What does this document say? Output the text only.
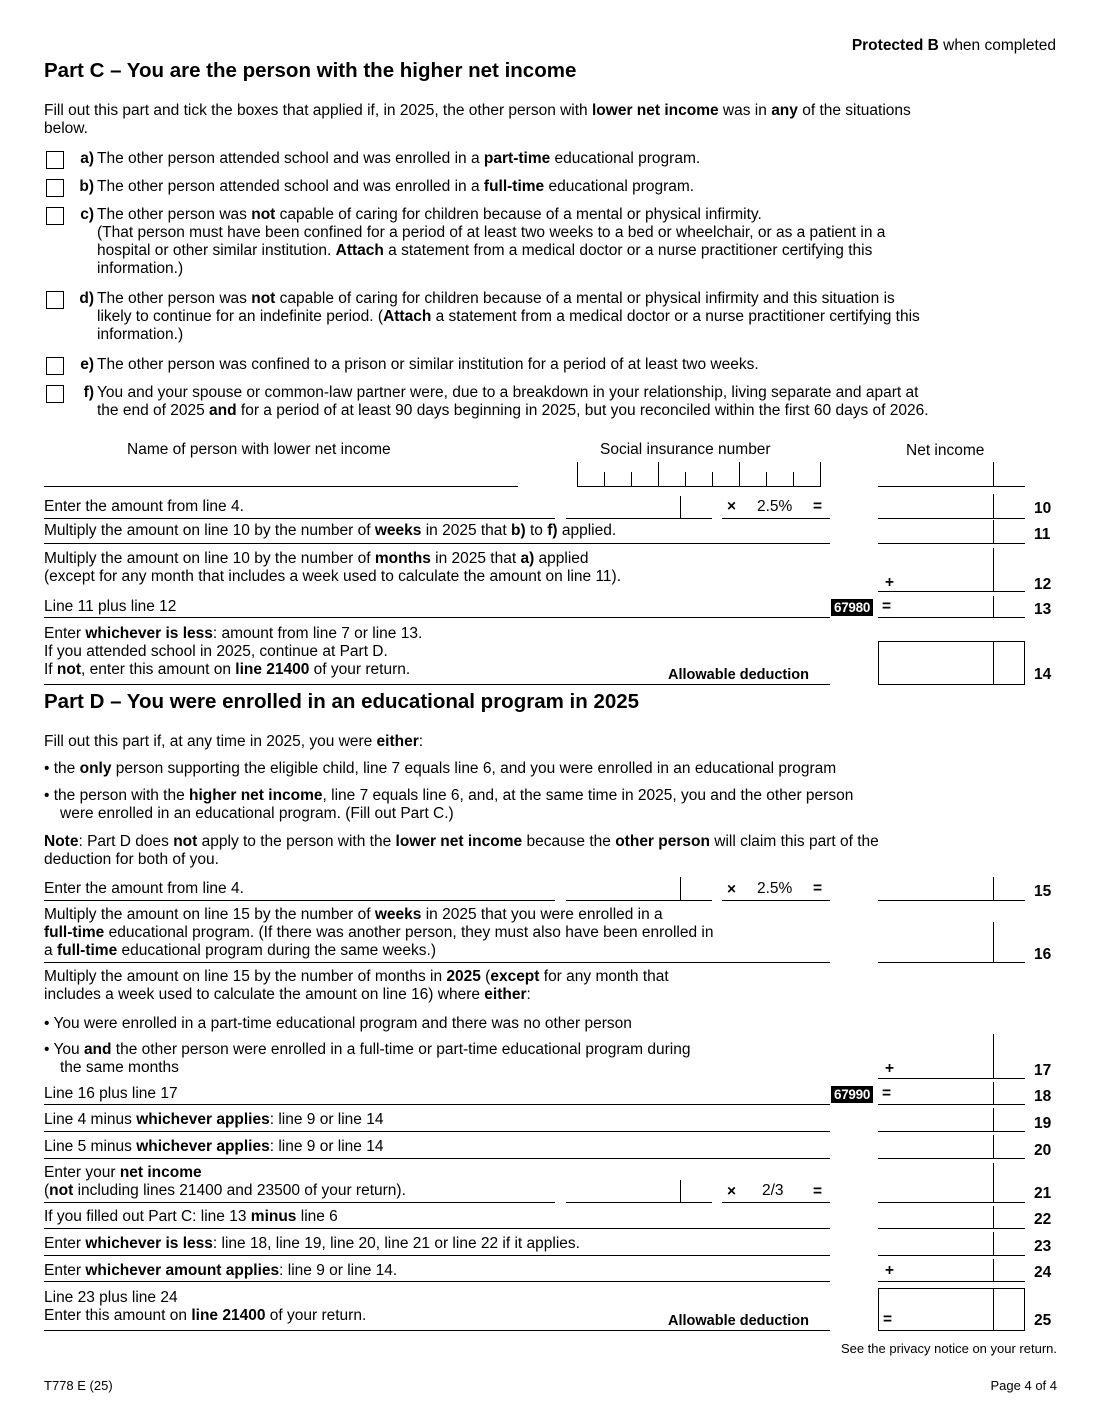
Protected B when completed
Part C – You are the person with the higher net income
Fill out this part and tick the boxes that applied if, in 2025, the other person with lower net income was in any of the situations
below.
a) The other person attended school and was enrolled in a part-time educational program.
b) The other person attended school and was enrolled in a full-time educational program.
c) The other person was not capable of caring for children because of a mental or physical infirmity.
(That person must have been confined for a period of at least two weeks to a bed or wheelchair, or as a patient in a
hospital or other similar institution. Attach a statement from a medical doctor or a nurse practitioner certifying this
information.)
d) The other person was not capable of caring for children because of a mental or physical infirmity and this situation is
likely to continue for an indefinite period. (Attach a statement from a medical doctor or a nurse practitioner certifying this
information.)
e) The other person was confined to a prison or similar institution for a period of at least two weeks.
f) You and your spouse or common-law partner were, due to a breakdown in your relationship, living separate and apart at
the end of 2025 and for a period of at least 90 days beginning in 2025, but you reconciled within the first 60 days of 2026.
Name of person with lower net income	Social insurance number	Net income
Enter the amount from line 4.	× 2.5% =	10
Multiply the amount on line 10 by the number of weeks in 2025 that b) to f) applied.	11
Multiply the amount on line 10 by the number of months in 2025 that a) applied
(except for any month that includes a week used to calculate the amount on line 11).	+	12
Line 11 plus line 12	67980 =	13
Enter whichever is less: amount from line 7 or line 13.
If you attended school in 2025, continue at Part D.
If not, enter this amount on line 21400 of your return.	Allowable deduction	14
Part D – You were enrolled in an educational program in 2025
Fill out this part if, at any time in 2025, you were either:
• the only person supporting the eligible child, line 7 equals line 6, and you were enrolled in an educational program
• the person with the higher net income, line 7 equals line 6, and, at the same time in 2025, you and the other person
were enrolled in an educational program. (Fill out Part C.)
Note: Part D does not apply to the person with the lower net income because the other person will claim this part of the
deduction for both of you.
Enter the amount from line 4.	× 2.5% =	15
Multiply the amount on line 15 by the number of weeks in 2025 that you were enrolled in a
full-time educational program. (If there was another person, they must also have been enrolled in
a full-time educational program during the same weeks.)	16
Multiply the amount on line 15 by the number of months in 2025 (except for any month that
includes a week used to calculate the amount on line 16) where either:
• You were enrolled in a part-time educational program and there was no other person
• You and the other person were enrolled in a full-time or part-time educational program during
the same months	+	17
Line 16 plus line 17	67990 =	18
Line 4 minus whichever applies: line 9 or line 14	19
Line 5 minus whichever applies: line 9 or line 14	20
Enter your net income
(not including lines 21400 and 23500 of your return).	× 2/3 =	21
If you filled out Part C: line 13 minus line 6	22
Enter whichever is less: line 18, line 19, line 20, line 21 or line 22 if it applies.	23
Enter whichever amount applies: line 9 or line 14.	+	24
Line 23 plus line 24
Enter this amount on line 21400 of your return.	Allowable deduction	=	25
See the privacy notice on your return.
T778 E (25)	Page 4 of 4
